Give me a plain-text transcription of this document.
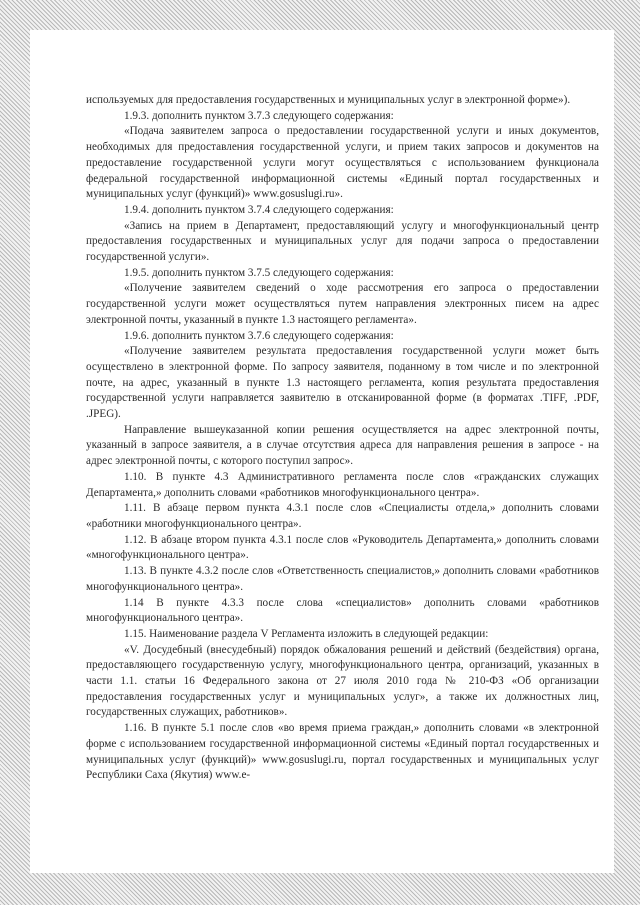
используемых для предоставления государственных и муниципальных услуг в электронной форме»).

1.9.3. дополнить пунктом 3.7.3 следующего содержания:

«Подача заявителем запроса о предоставлении государственной услуги и иных документов, необходимых для предоставления государственной услуги, и прием таких запросов и документов на предоставление государственной услуги могут осуществляться с использованием функционала федеральной государственной информационной системы «Единый портал государственных и муниципальных услуг (функций)» www.gosuslugi.ru».

1.9.4. дополнить пунктом 3.7.4 следующего содержания:

«Запись на прием в Департамент, предоставляющий услугу и многофункциональный центр предоставления государственных и муниципальных услуг для подачи запроса о предоставлении государственной услуги».

1.9.5. дополнить пунктом 3.7.5 следующего содержания:

«Получение заявителем сведений о ходе рассмотрения его запроса о предоставлении государственной услуги может осуществляться путем направления электронных писем на адрес электронной почты, указанный в пункте 1.3 настоящего регламента».

1.9.6. дополнить пунктом 3.7.6 следующего содержания:

«Получение заявителем результата предоставления государственной услуги может быть осуществлено в электронной форме. По запросу заявителя, поданному в том числе и по электронной почте, на адрес, указанный в пункте 1.3 настоящего регламента, копия результата предоставления государственной услуги направляется заявителю в отсканированной форме (в форматах .TIFF, .PDF, .JPEG).

Направление вышеуказанной копии решения осуществляется на адрес электронной почты, указанный в запросе заявителя, а в случае отсутствия адреса для направления решения в запросе - на адрес электронной почты, с которого поступил запрос».

1.10. В пункте 4.3 Административного регламента после слов «гражданских служащих Департамента,» дополнить словами «работников многофункционального центра».

1.11. В абзаце первом пункта 4.3.1 после слов «Специалисты отдела,» дополнить словами «работники многофункционального центра».

1.12. В абзаце втором пункта 4.3.1 после слов «Руководитель Департамента,» дополнить словами «многофункционального центра».

1.13. В пункте 4.3.2 после слов «Ответственность специалистов,» дополнить словами «работников многофункционального центра».

1.14 В пункте 4.3.3 после слова «специалистов» дополнить словами «работников многофункционального центра».

1.15. Наименование раздела V Регламента изложить в следующей редакции:

«V. Досудебный (внесудебный) порядок обжалования решений и действий (бездействия) органа, предоставляющего государственную услугу, многофункционального центра, организаций, указанных в части 1.1. статьи 16 Федерального закона от 27 июля 2010 года № 210-ФЗ «Об организации предоставления государственных услуг и муниципальных услуг», а также их должностных лиц, государственных служащих, работников».

1.16. В пункте 5.1 после слов «во время приема граждан,» дополнить словами «в электронной форме с использованием государственной информационной системы «Единый портал государственных и муниципальных услуг (функций)» www.gosuslugi.ru, портал государственных и муниципальных услуг Республики Саха (Якутия) www.e-
